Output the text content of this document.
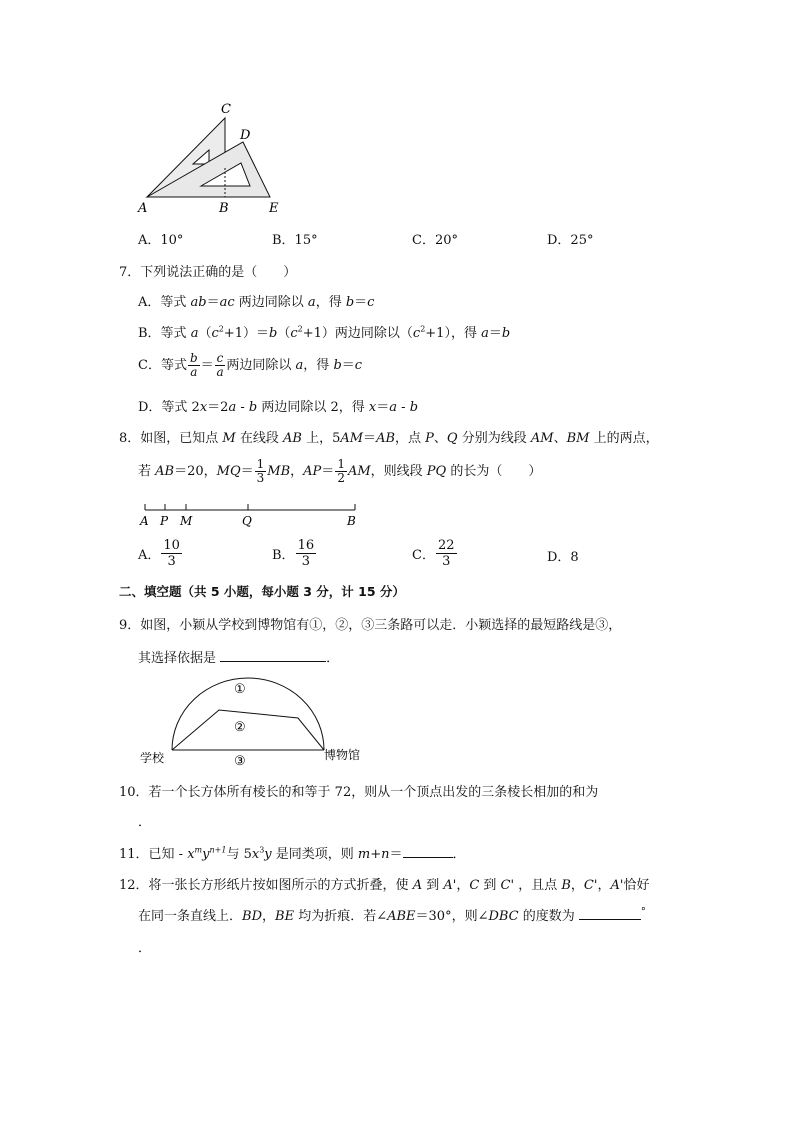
C
D
A	B	E
A．10°	B．15°	C．20°	D．25°
7．下列说法正确的是（　　）
A．等式 ab＝ac 两边同除以 a，得 b＝c
B．等式 $a(c^2+1)=b(c^2+1)$两边同除以$(c^2+1)$，得 a＝b
C．等式 $\frac{b}{a} = \frac{c}{a}$ 两边同除以 a，得 b＝c
D．等式 2x＝2a - b 两边同除以 2，得 x＝a - b
8．如图，已知点 M 在线段 AB 上，5AM＝AB，点 P、Q 分别为线段 AM、BM 上的两点，
若 AB＝20，$MQ= \frac{1}{3}$ MB，$AP= \frac{1}{2}$ AM，则线段 PQ 的长为（　　）
A P M	Q	B
A． $\frac{10}{3}$	B． $\frac{16}{3}$	C． $\frac{22}{3}$	D．8
二、填空题（共 5 小题，每小题 3 分，计 15 分）
9．如图，小颖从学校到博物馆有①，②，③三条路可以走．小颖选择的最短路线是③，
其选择依据是	．
①
②
③
学校	博物馆
10．若一个长方体所有棱长的和等于 72，则从一个顶点出发的三条棱长相加的和为
．
11．已知 - $x^my^{n+1}$与 $5x^3y$ 是同类项，则 m+n＝	．
12．将一张长方形纸片按如图所示的方式折叠，使 A 到 A'，C 到 C' ，且点 B，C'，A'恰好
在同一条直线上．BD，BE 均为折痕．若∠ABE＝30°，则∠DBC 的度数为	°
．
